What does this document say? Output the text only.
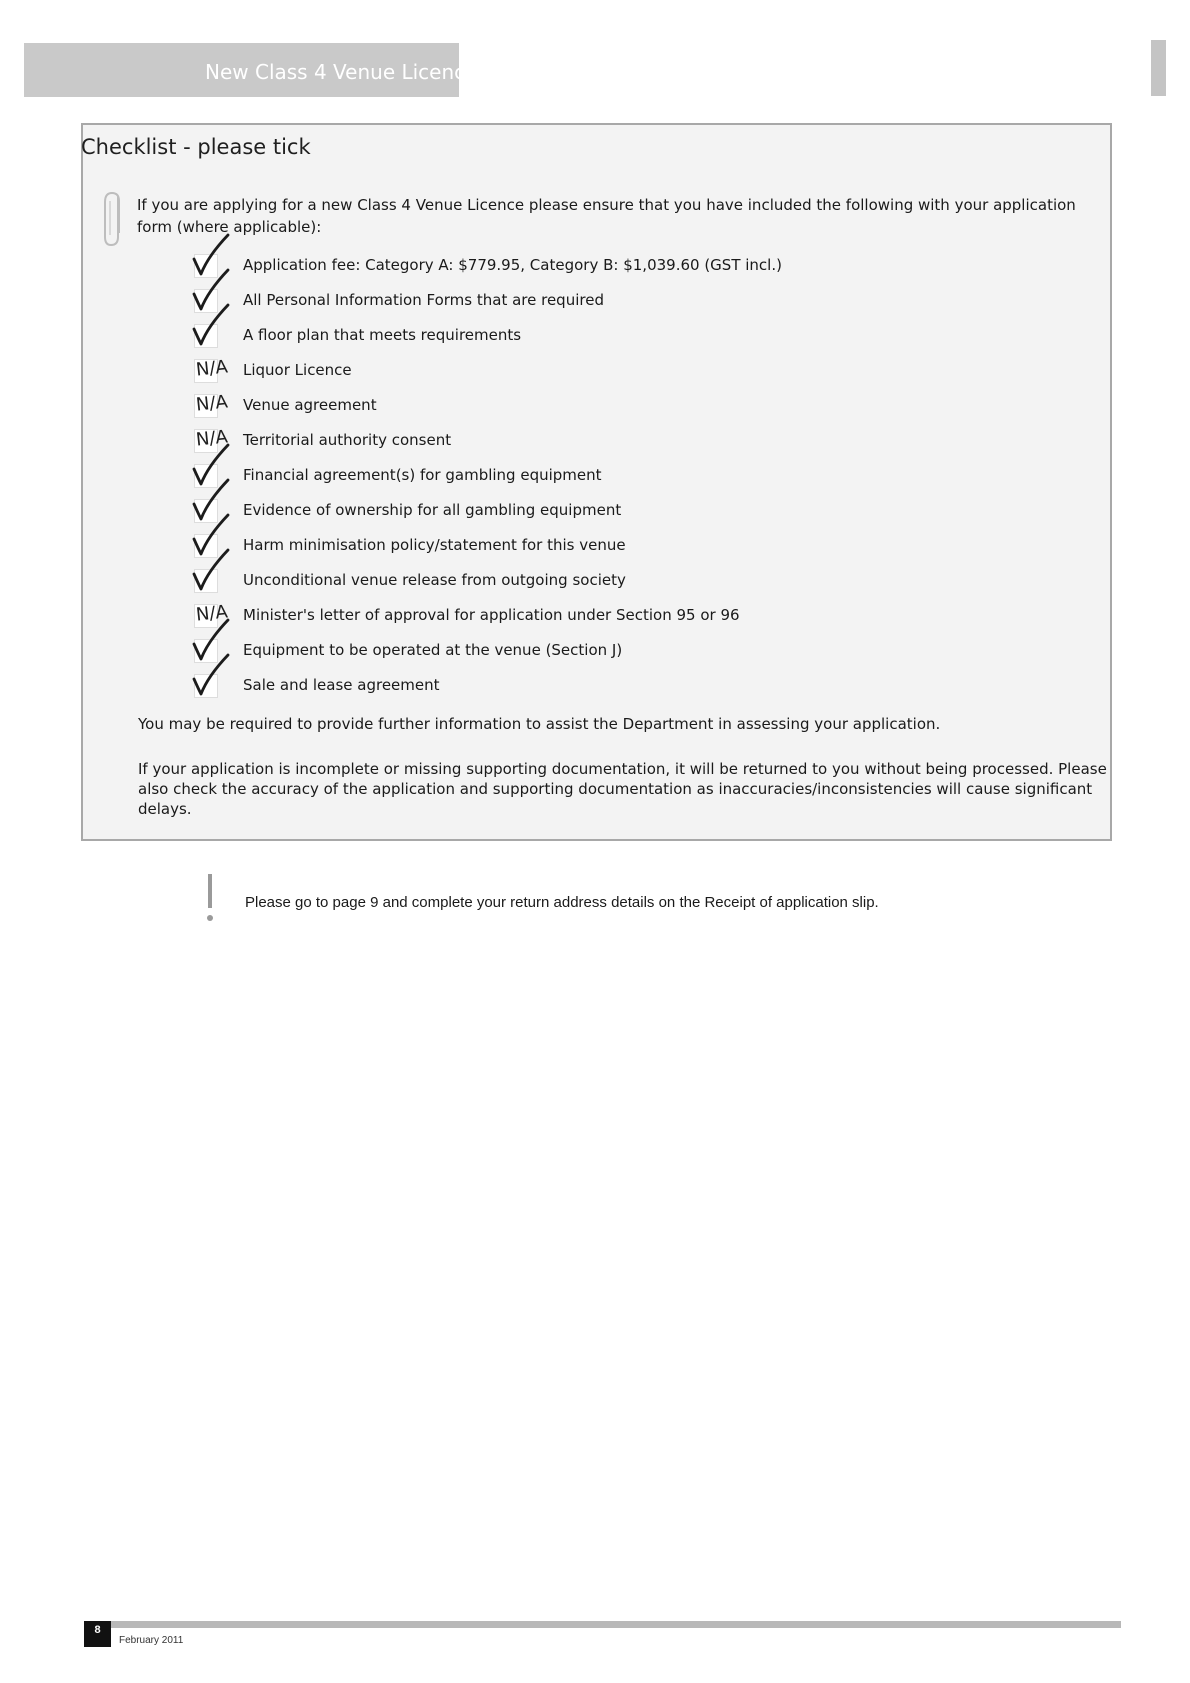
New Class 4 Venue Licence
Checklist - please tick
If you are applying for a new Class 4 Venue Licence please ensure that you have included the following with your application form (where applicable):
Application fee: Category A: $779.95, Category B: $1,039.60 (GST incl.)
All Personal Information Forms that are required
A floor plan that meets requirements
N/A Liquor Licence
N/A Venue agreement
N/A Territorial authority consent
Financial agreement(s) for gambling equipment
Evidence of ownership for all gambling equipment
Harm minimisation policy/statement for this venue
Unconditional venue release from outgoing society
N/A Minister's letter of approval for application under Section 95 or 96
Equipment to be operated at the venue (Section J)
Sale and lease agreement
You may be required to provide further information to assist the Department in assessing your application.
If your application is incomplete or missing supporting documentation, it will be returned to you without being processed. Please also check the accuracy of the application and supporting documentation as inaccuracies/inconsistencies will cause significant delays.
Please go to page 9 and complete your return address details on the Receipt of application slip.
8
February 2011
